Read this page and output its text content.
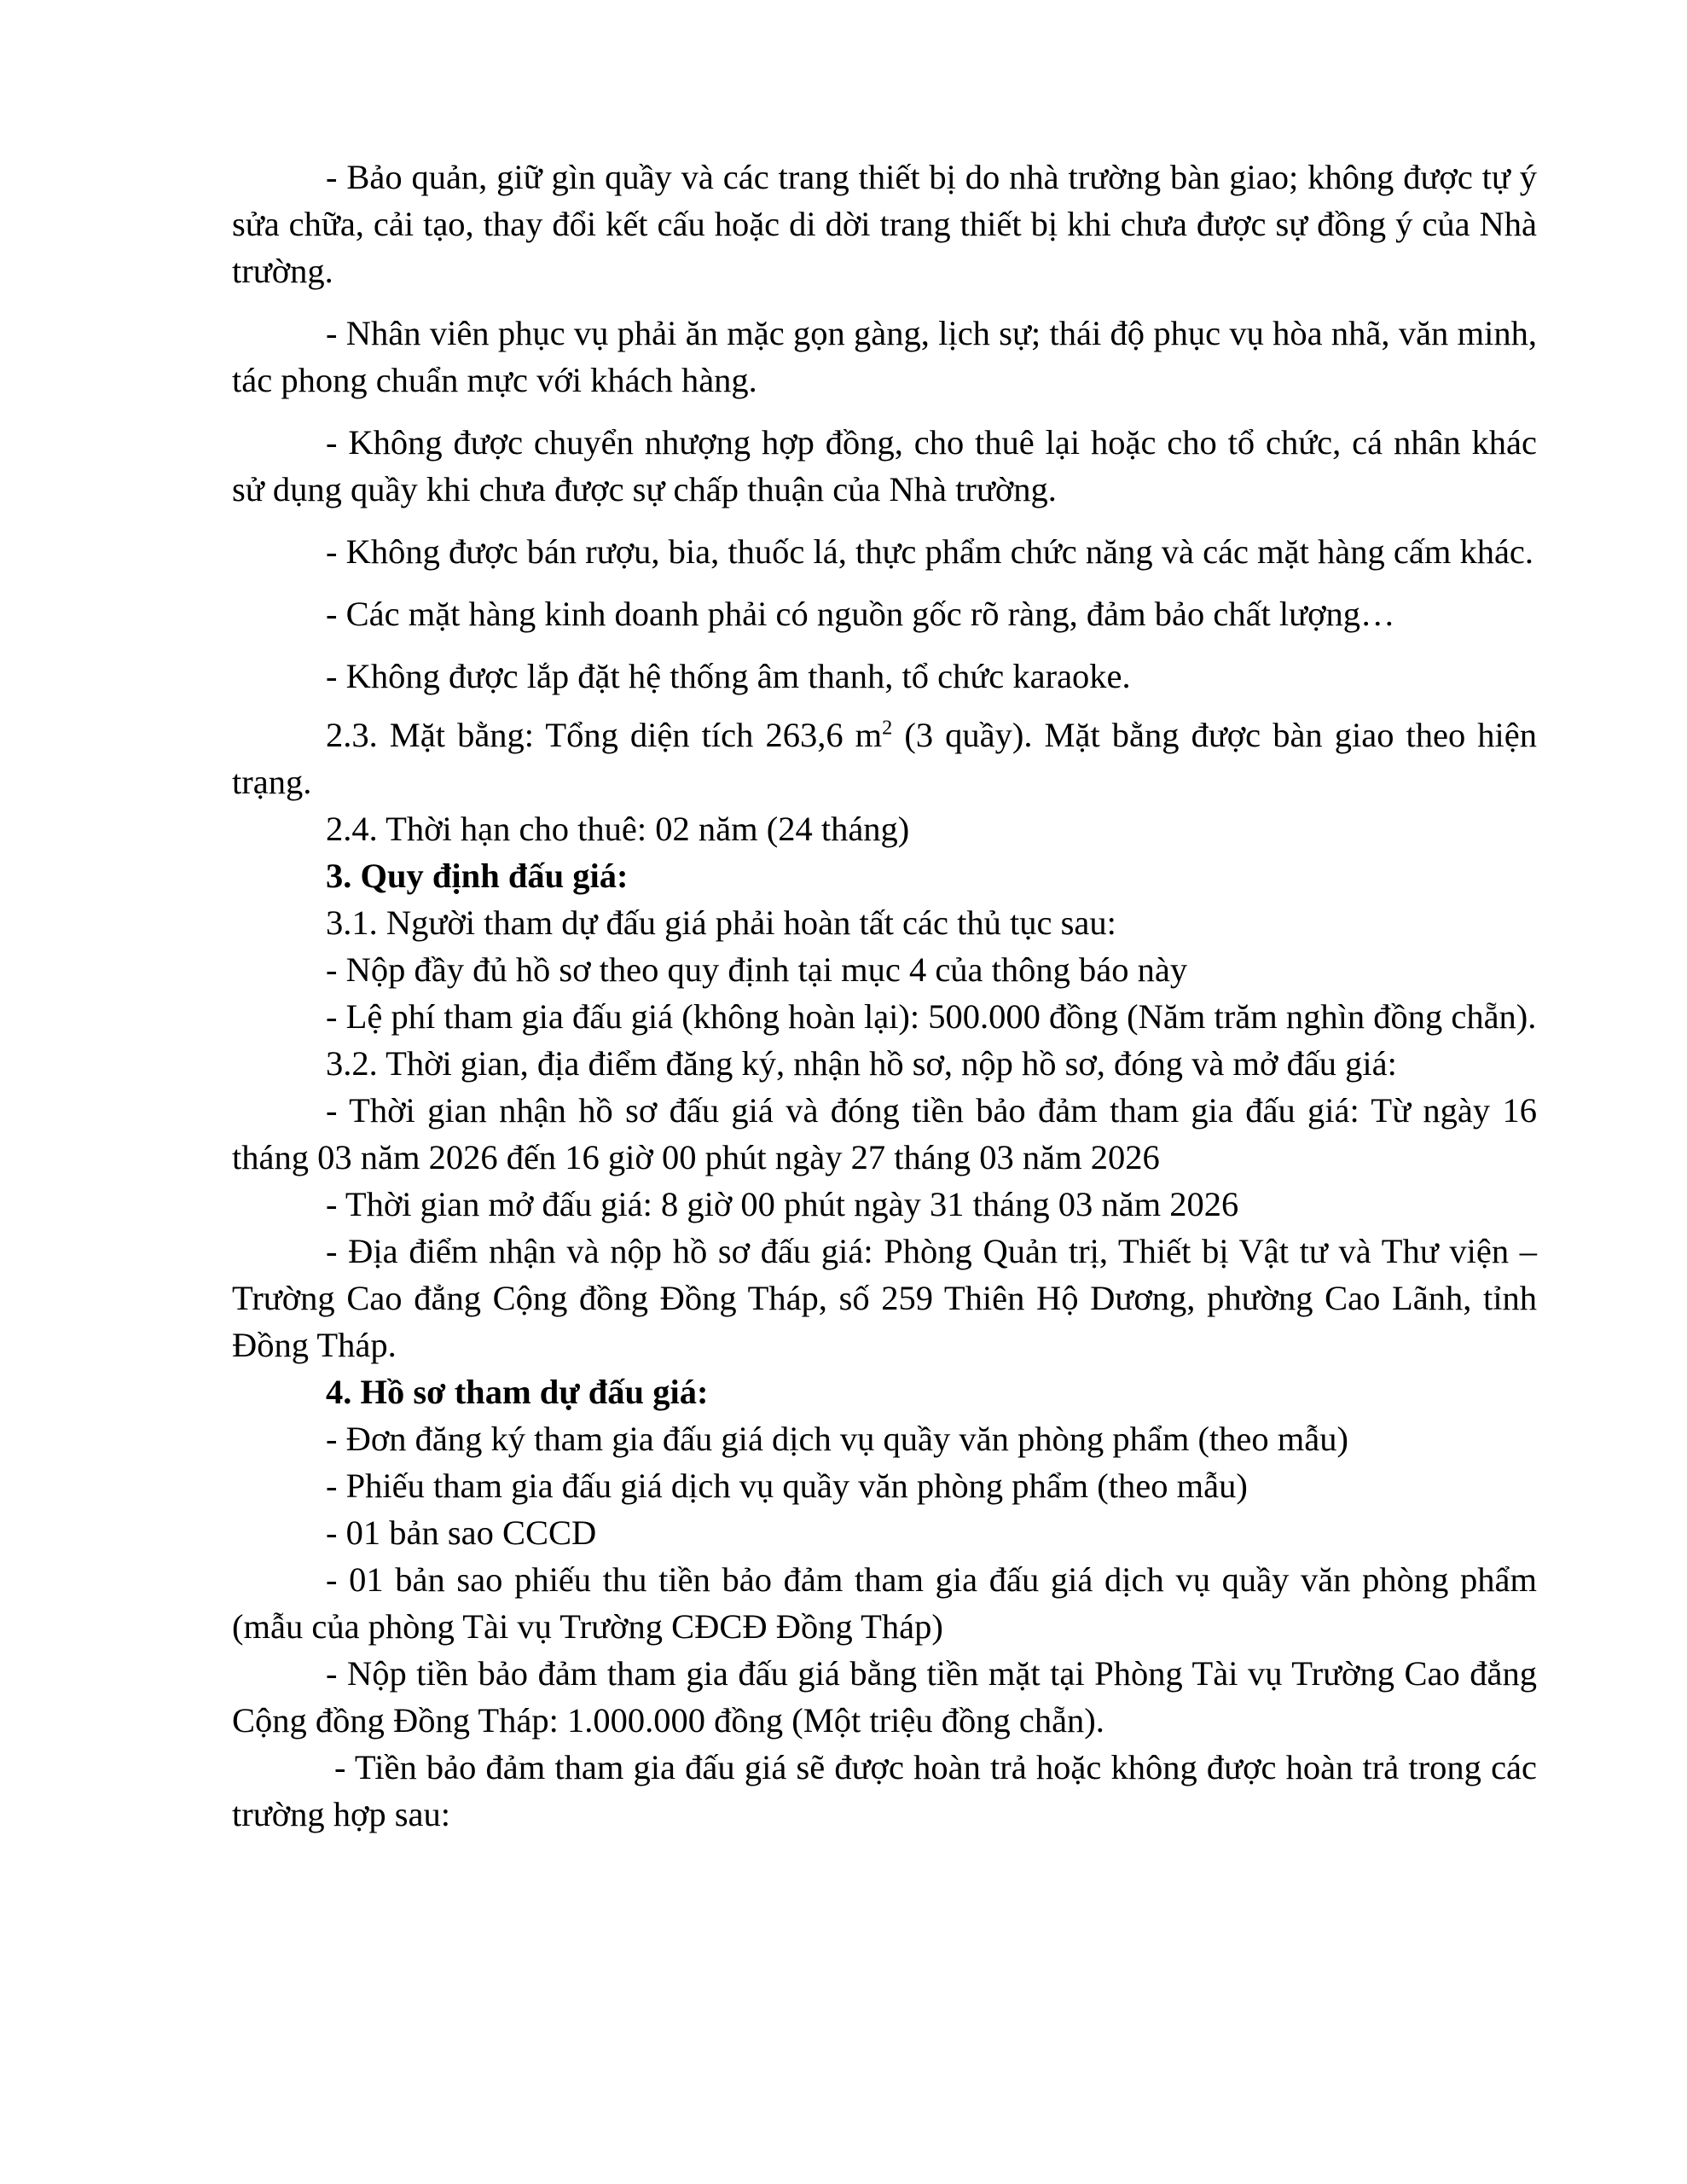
- Bảo quản, giữ gìn quầy và các trang thiết bị do nhà trường bàn giao; không được tự ý sửa chữa, cải tạo, thay đổi kết cấu hoặc di dời trang thiết bị khi chưa được sự đồng ý của Nhà trường.

- Nhân viên phục vụ phải ăn mặc gọn gàng, lịch sự; thái độ phục vụ hòa nhã, văn minh, tác phong chuẩn mực với khách hàng.

- Không được chuyển nhượng hợp đồng, cho thuê lại hoặc cho tổ chức, cá nhân khác sử dụng quầy khi chưa được sự chấp thuận của Nhà trường.

- Không được bán rượu, bia, thuốc lá, thực phẩm chức năng và các mặt hàng cấm khác.

- Các mặt hàng kinh doanh phải có nguồn gốc rõ ràng, đảm bảo chất lượng…

- Không được lắp đặt hệ thống âm thanh, tổ chức karaoke.

2.3. Mặt bằng: Tổng diện tích 263,6 $m^2$ (3 quầy). Mặt bằng được bàn giao theo hiện trạng.

2.4. Thời hạn cho thuê: 02 năm (24 tháng)

3. Quy định đấu giá:

3.1. Người tham dự đấu giá phải hoàn tất các thủ tục sau:

- Nộp đầy đủ hồ sơ theo quy định tại mục 4 của thông báo này

- Lệ phí tham gia đấu giá (không hoàn lại): 500.000 đồng (Năm trăm nghìn đồng chẵn).

3.2. Thời gian, địa điểm đăng ký, nhận hồ sơ, nộp hồ sơ, đóng và mở đấu giá:

- Thời gian nhận hồ sơ đấu giá và đóng tiền bảo đảm tham gia đấu giá: Từ ngày 16 tháng 03 năm 2026 đến 16 giờ 00 phút ngày 27 tháng 03 năm 2026

- Thời gian mở đấu giá: 8 giờ 00 phút ngày 31 tháng 03 năm 2026

- Địa điểm nhận và nộp hồ sơ đấu giá: Phòng Quản trị, Thiết bị Vật tư và Thư viện – Trường Cao đẳng Cộng đồng Đồng Tháp, số 259 Thiên Hộ Dương, phường Cao Lãnh, tỉnh Đồng Tháp.

4. Hồ sơ tham dự đấu giá:

- Đơn đăng ký tham gia đấu giá dịch vụ quầy văn phòng phẩm (theo mẫu)

- Phiếu tham gia đấu giá dịch vụ quầy văn phòng phẩm (theo mẫu)

- 01 bản sao CCCD

- 01 bản sao phiếu thu tiền bảo đảm tham gia đấu giá dịch vụ quầy văn phòng phẩm (mẫu của phòng Tài vụ Trường CĐCĐ Đồng Tháp)

- Nộp tiền bảo đảm tham gia đấu giá bằng tiền mặt tại Phòng Tài vụ Trường Cao đẳng Cộng đồng Đồng Tháp: 1.000.000 đồng (Một triệu đồng chẵn).

- Tiền bảo đảm tham gia đấu giá sẽ được hoàn trả hoặc không được hoàn trả trong các trường hợp sau:
